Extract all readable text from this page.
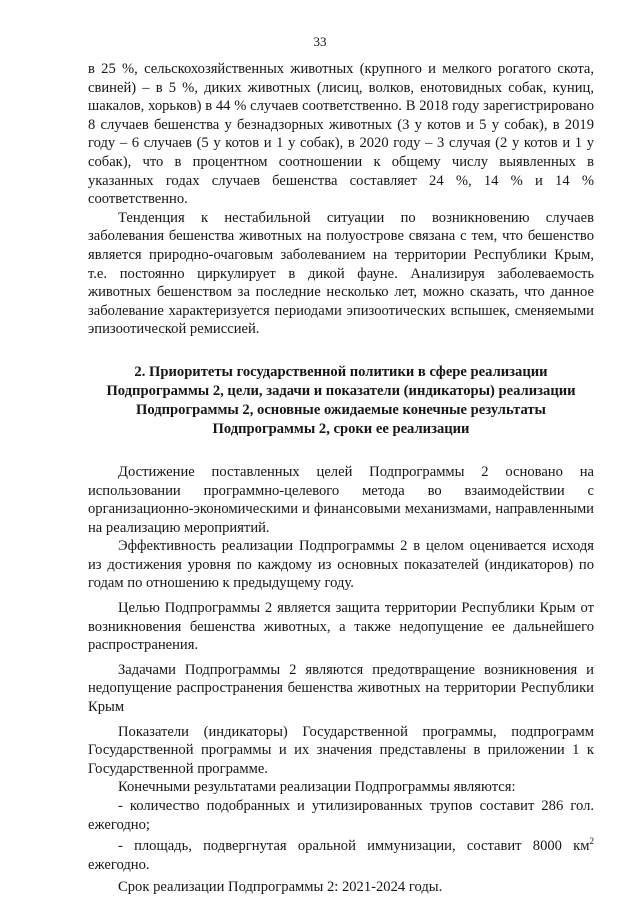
33

в 25 %, сельскохозяйственных животных (крупного и мелкого рогатого скота, свиней) – в 5 %, диких животных (лисиц, волков, енотовидных собак, куниц, шакалов, хорьков) в 44 % случаев соответственно. В 2018 году зарегистрировано 8 случаев бешенства у безнадзорных животных (3 у котов и 5 у собак), в 2019 году – 6 случаев (5 у котов и 1 у собак), в 2020 году – 3 случая (2 у котов и 1 у собак), что в процентном соотношении к общему числу выявленных в указанных годах случаев бешенства составляет 24 %, 14 % и 14 % соответственно.

Тенденция к нестабильной ситуации по возникновению случаев заболевания бешенства животных на полуострове связана с тем, что бешенство является природно-очаговым заболеванием на территории Республики Крым, т.е. постоянно циркулирует в дикой фауне. Анализируя заболеваемость животных бешенством за последние несколько лет, можно сказать, что данное заболевание характеризуется периодами эпизоотических вспышек, сменяемыми эпизоотической ремиссией.

2. Приоритеты государственной политики в сфере реализации Подпрограммы 2, цели, задачи и показатели (индикаторы) реализации Подпрограммы 2, основные ожидаемые конечные результаты Подпрограммы 2, сроки ее реализации

Достижение поставленных целей Подпрограммы 2 основано на использовании программно-целевого метода во взаимодействии с организационно-экономическими и финансовыми механизмами, направленными на реализацию мероприятий.

Эффективность реализации Подпрограммы 2 в целом оценивается исходя из достижения уровня по каждому из основных показателей (индикаторов) по годам по отношению к предыдущему году.

Целью Подпрограммы 2 является защита территории Республики Крым от возникновения бешенства животных, а также недопущение ее дальнейшего распространения.

Задачами Подпрограммы 2 являются предотвращение возникновения и недопущение распространения бешенства животных на территории Республики Крым

Показатели (индикаторы) Государственной программы, подпрограмм Государственной программы и их значения представлены в приложении 1 к Государственной программе.

Конечными результатами реализации Подпрограммы являются:

- количество подобранных и утилизированных трупов составит 286 гол. ежегодно;

- площадь, подвергнутая оральной иммунизации, составит 8000 $км^2$ ежегодно.

Срок реализации Подпрограммы 2: 2021-2024 годы.
